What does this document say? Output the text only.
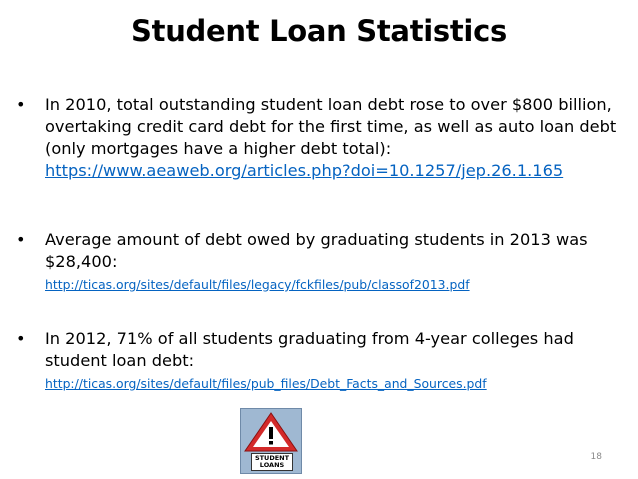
Student Loan Statistics
•	In 2010, total outstanding student loan debt rose to over $800 billion, overtaking credit card debt for the first time, as well as auto loan debt (only mortgages have a higher debt total):
https://www.aeaweb.org/articles.php?doi=10.1257/jep.26.1.165
•	Average amount of debt owed by graduating students in 2013 was $28,400:
http://ticas.org/sites/default/files/legacy/fckfiles/pub/classof2013.pdf
•	In 2012, 71% of all students graduating from 4-year colleges had student loan debt:
http://ticas.org/sites/default/files/pub_files/Debt_Facts_and_Sources.pdf
STUDENT
LOANS
18
